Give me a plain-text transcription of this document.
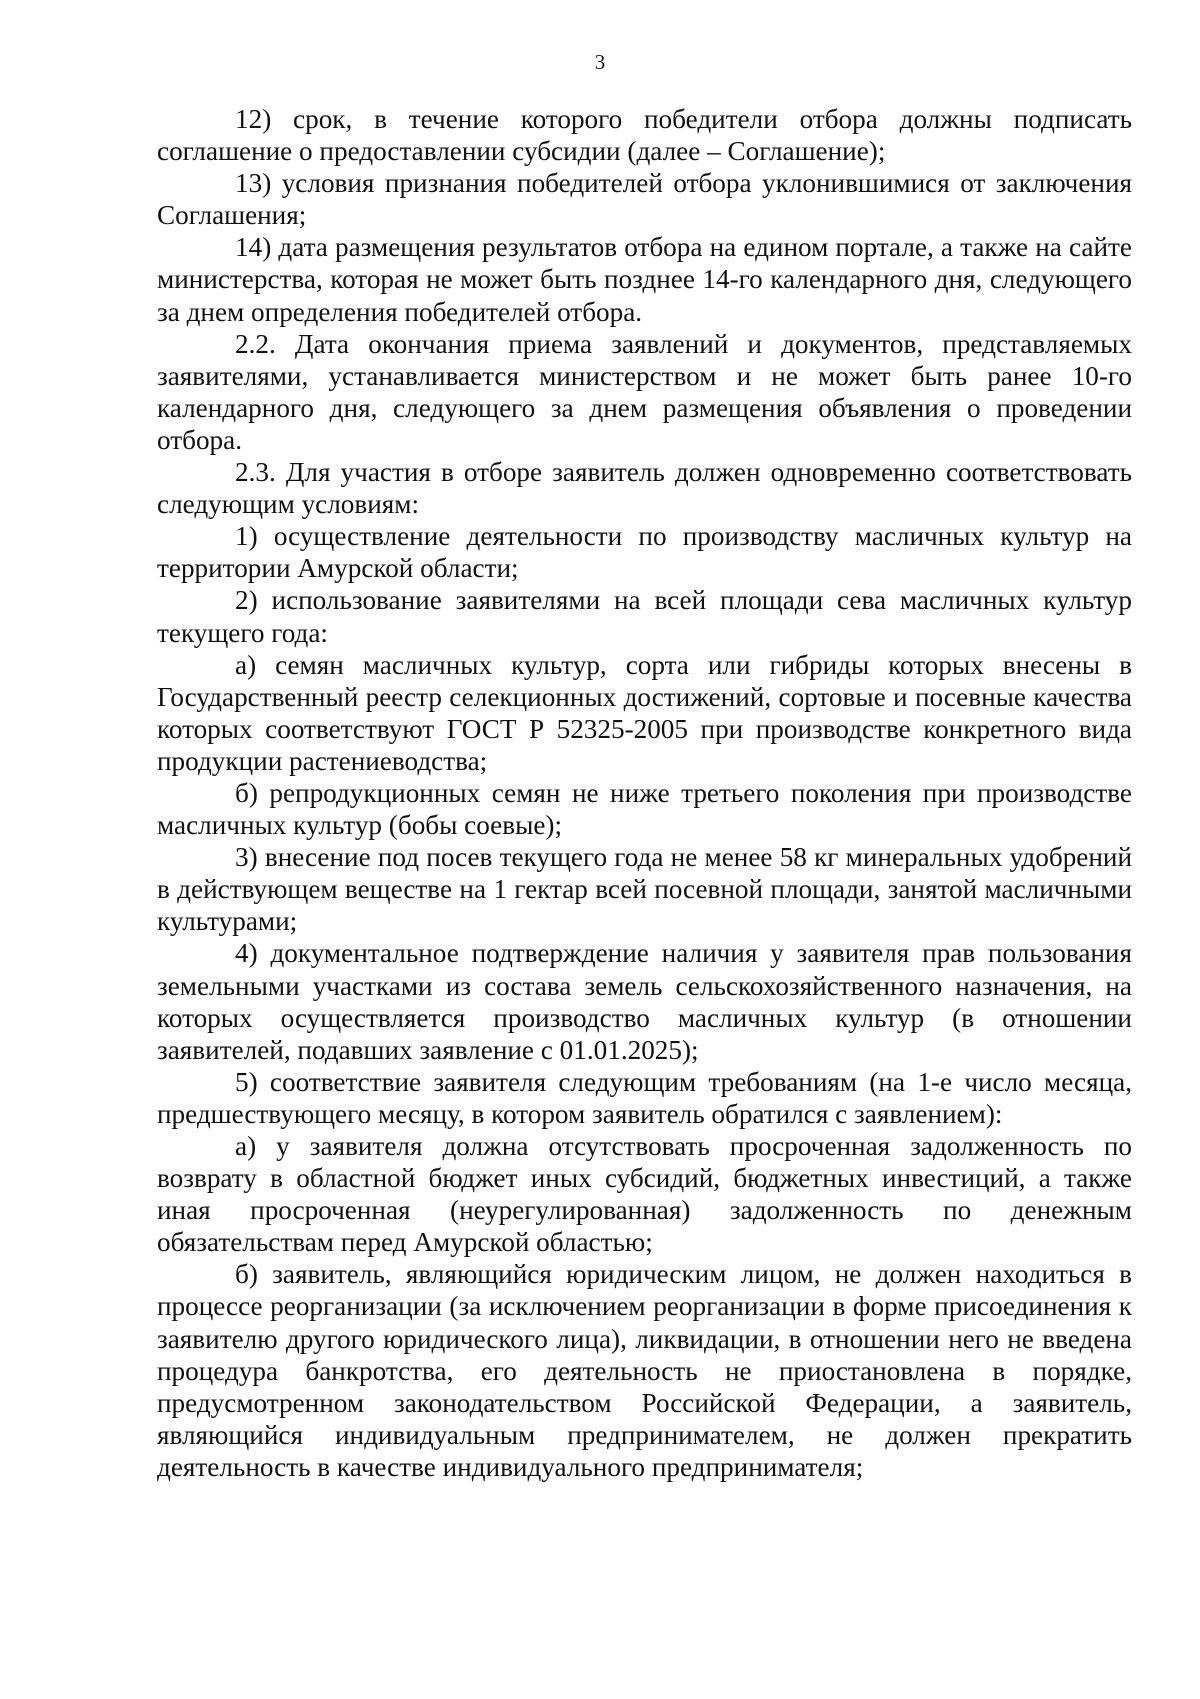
3

12) срок, в течение которого победители отбора должны подписать соглашение о предоставлении субсидии (далее – Соглашение);

13) условия признания победителей отбора уклонившимися от заключения Соглашения;

14) дата размещения результатов отбора на едином портале, а также на сайте министерства, которая не может быть позднее 14-го календарного дня, следующего за днем определения победителей отбора.

2.2. Дата окончания приема заявлений и документов, представляемых заявителями, устанавливается министерством и не может быть ранее 10-го календарного дня, следующего за днем размещения объявления о проведении отбора.

2.3. Для участия в отборе заявитель должен одновременно соответствовать следующим условиям:

1) осуществление деятельности по производству масличных культур на территории Амурской области;

2) использование заявителями на всей площади сева масличных культур текущего года:

а) семян масличных культур, сорта или гибриды которых внесены в Государственный реестр селекционных достижений, сортовые и посевные качества которых соответствуют ГОСТ Р 52325-2005 при производстве конкретного вида продукции растениеводства;

б) репродукционных семян не ниже третьего поколения при производстве масличных культур (бобы соевые);

3) внесение под посев текущего года не менее 58 кг минеральных удобрений в действующем веществе на 1 гектар всей посевной площади, занятой масличными культурами;

4) документальное подтверждение наличия у заявителя прав пользования земельными участками из состава земель сельскохозяйственного назначения, на которых осуществляется производство масличных культур (в отношении заявителей, подавших заявление с 01.01.2025);

5) соответствие заявителя следующим требованиям (на 1-е число месяца, предшествующего месяцу, в котором заявитель обратился с заявлением):

а) у заявителя должна отсутствовать просроченная задолженность по возврату в областной бюджет иных субсидий, бюджетных инвестиций, а также иная просроченная (неурегулированная) задолженность по денежным обязательствам перед Амурской областью;

б) заявитель, являющийся юридическим лицом, не должен находиться в процессе реорганизации (за исключением реорганизации в форме присоединения к заявителю другого юридического лица), ликвидации, в отношении него не введена процедура банкротства, его деятельность не приостановлена в порядке, предусмотренном законодательством Российской Федерации, а заявитель, являющийся индивидуальным предпринимателем, не должен прекратить деятельность в качестве индивидуального предпринимателя;
